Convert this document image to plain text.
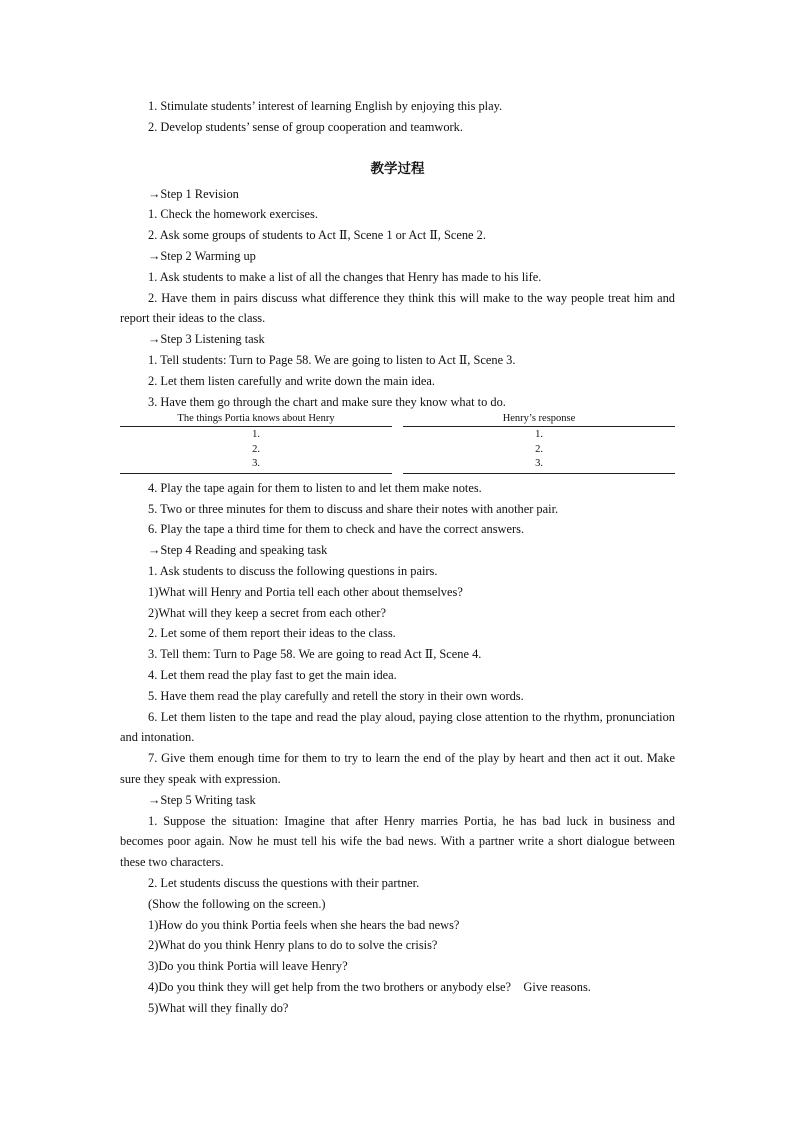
1. Stimulate students’ interest of learning English by enjoying this play.

2. Develop students’ sense of group cooperation and teamwork.

教学过程

→Step 1 Revision

1. Check the homework exercises.

2. Ask some groups of students to Act Ⅱ, Scene 1 or Act Ⅱ, Scene 2.

→Step 2 Warming up

1. Ask students to make a list of all the changes that Henry has made to his life.

2. Have them in pairs discuss what difference they think this will make to the way people treat him and report their ideas to the class.

→Step 3 Listening task

1. Tell students: Turn to Page 58. We are going to listen to Act Ⅱ, Scene 3.

2. Let them listen carefully and write down the main idea.

3. Have them go through the chart and make sure they know what to do.

The things Portia knows about Henry
1.
2.
3.
Henry’s response
1.
2.
3.

4. Play the tape again for them to listen to and let them make notes.

5. Two or three minutes for them to discuss and share their notes with another pair.

6. Play the tape a third time for them to check and have the correct answers.

→Step 4 Reading and speaking task

1. Ask students to discuss the following questions in pairs.

1)What will Henry and Portia tell each other about themselves?

2)What will they keep a secret from each other?

2. Let some of them report their ideas to the class.

3. Tell them: Turn to Page 58. We are going to read Act Ⅱ, Scene 4.

4. Let them read the play fast to get the main idea.

5. Have them read the play carefully and retell the story in their own words.

6. Let them listen to the tape and read the play aloud, paying close attention to the rhythm, pronunciation and intonation.

7. Give them enough time for them to try to learn the end of the play by heart and then act it out. Make sure they speak with expression.

→Step 5 Writing task

1. Suppose the situation: Imagine that after Henry marries Portia, he has bad luck in business and becomes poor again. Now he must tell his wife the bad news. With a partner write a short dialogue between these two characters.

2. Let students discuss the questions with their partner.

(Show the following on the screen.)

1)How do you think Portia feels when she hears the bad news?

2)What do you think Henry plans to do to solve the crisis?

3)Do you think Portia will leave Henry?

4)Do you think they will get help from the two brothers or anybody else?　Give reasons.

5)What will they finally do?
